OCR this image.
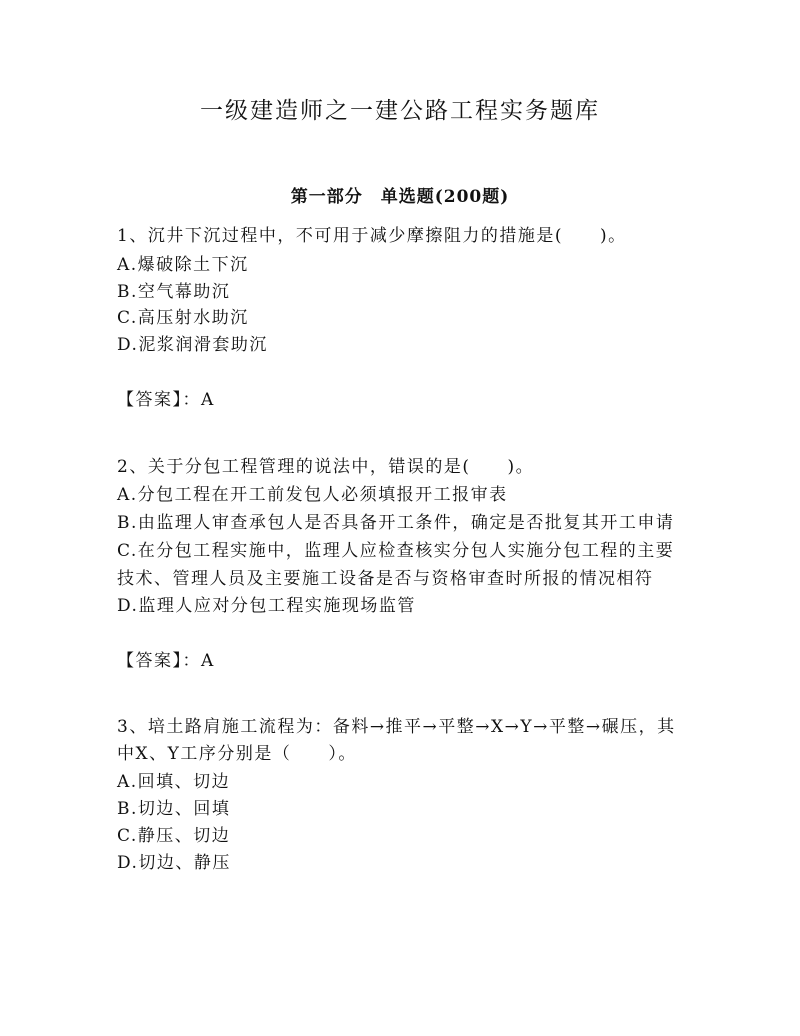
一级建造师之一建公路工程实务题库
第一部分　单选题(200题)
1、沉井下沉过程中，不可用于减少摩擦阻力的措施是(　　)。
A.爆破除土下沉
B.空气幕助沉
C.高压射水助沉
D.泥浆润滑套助沉
【答案】：A
2、关于分包工程管理的说法中，错误的是(　　)。
A.分包工程在开工前发包人必须填报开工报审表
B.由监理人审查承包人是否具备开工条件，确定是否批复其开工申请
C.在分包工程实施中，监理人应检查核实分包人实施分包工程的主要
技术、管理人员及主要施工设备是否与资格审查时所报的情况相符
D.监理人应对分包工程实施现场监管
【答案】：A
3、培土路肩施工流程为：备料→推平→平整→X→Y→平整→碾压，其
中X、Y工序分别是（　　）。
A.回填、切边
B.切边、回填
C.静压、切边
D.切边、静压
